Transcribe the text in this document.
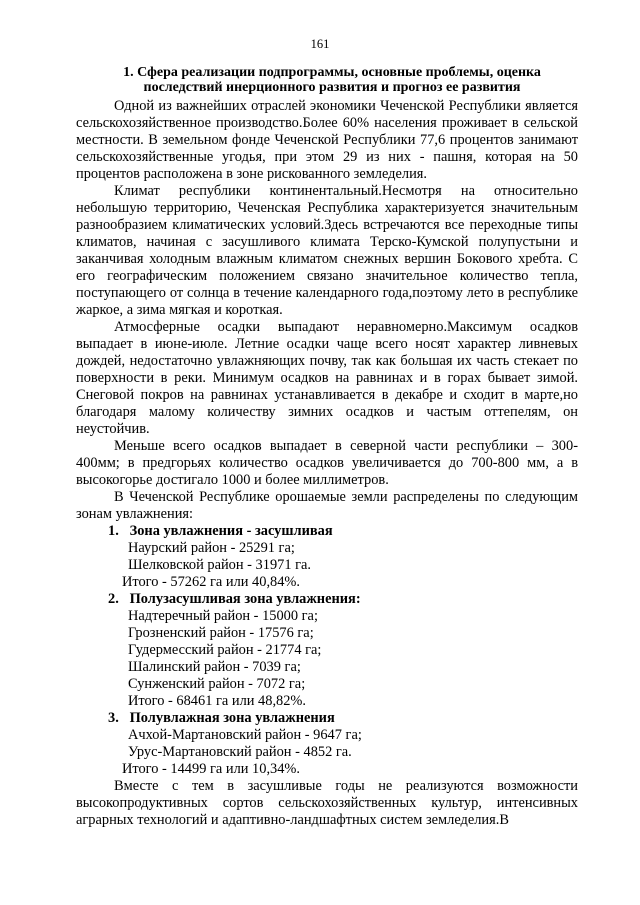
161
1. Сфера реализации подпрограммы, основные проблемы, оценка последствий инерционного развития и прогноз ее развития

Одной из важнейших отраслей экономики Чеченской Республики является сельскохозяйственное производство.Более 60% населения проживает в сельской местности. В земельном фонде Чеченской Республики 77,6 процентов занимают сельскохозяйственные угодья, при этом 29 из них - пашня, которая на 50 процентов расположена в зоне рискованного земледелия.

Климат республики континентальный.Несмотря на относительно небольшую территорию, Чеченская Республика характеризуется значительным разнообразием климатических условий.Здесь встречаются все переходные типы климатов, начиная с засушливого климата Терско-Кумской полупустыни и заканчивая холодным влажным климатом снежных вершин Бокового хребта. С его географическим положением связано значительное количество тепла, поступающего от солнца в течение календарного года,поэтому лето в республике жаркое, а зима мягкая и короткая.

Атмосферные осадки выпадают неравномерно.Максимум осадков выпадает в июне-июле. Летние осадки чаще всего носят характер ливневых дождей, недостаточно увлажняющих почву, так как большая их часть стекает по поверхности в реки. Минимум осадков на равнинах и в горах бывает зимой. Снеговой покров на равнинах устанавливается в декабре и сходит в марте,но благодаря малому количеству зимних осадков и частым оттепелям, он неустойчив.

Меньше всего осадков выпадает в северной части республики – 300-400мм; в предгорьях количество осадков увеличивается до 700-800 мм, а в высокогорье достигало 1000 и более миллиметров.

В Чеченской Республике орошаемые земли распределены по следующим зонам увлажнения:

1. Зона увлажнения - засушливая

Наурский район - 25291 га;

Шелковской район - 31971 га.

Итого - 57262 га или 40,84%.

2. Полузасушливая зона увлажнения:

Надтеречный район - 15000 га;

Грозненский район - 17576 га;

Гудермесский район - 21774 га;

Шалинский район - 7039 га;

Сунженский район - 7072 га;

Итого - 68461 га или 48,82%.

3. Полувлажная зона увлажнения

Ачхой-Мартановский район - 9647 га;

Урус-Мартановский район - 4852 га.

Итого - 14499 га или 10,34%.

Вместе с тем в засушливые годы не реализуются возможности высокопродуктивных сортов сельскохозяйственных культур, интенсивных аграрных технологий и адаптивно-ландшафтных систем земледелия.В
